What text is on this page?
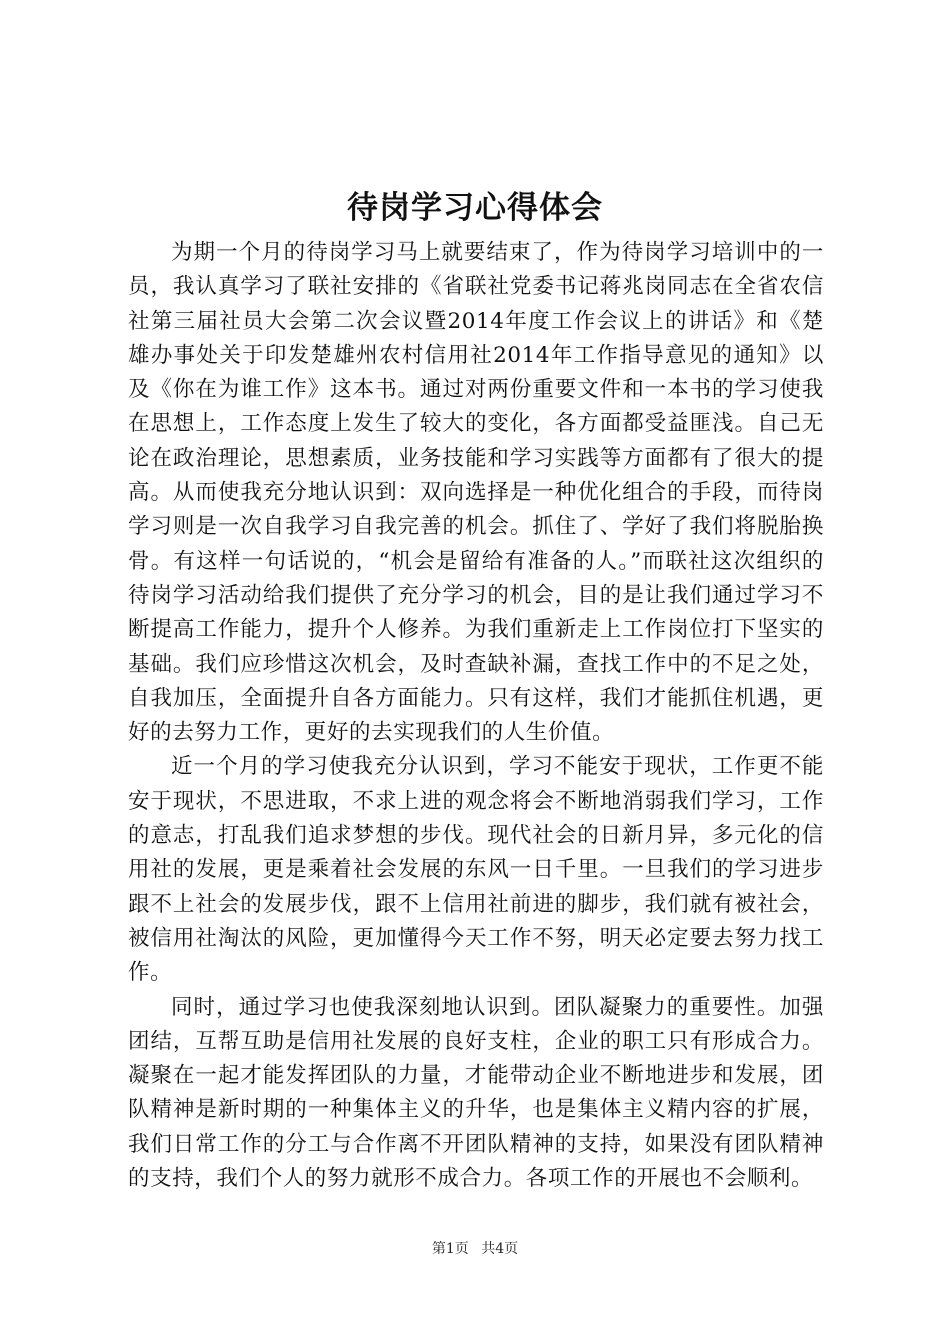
待岗学习心得体会

为期一个月的待岗学习马上就要结束了，作为待岗学习培训中的一员，我认真学习了联社安排的《省联社党委书记蒋兆岗同志在全省农信社第三届社员大会第二次会议暨2014年度工作会议上的讲话》和《楚雄办事处关于印发楚雄州农村信用社2014年工作指导意见的通知》以及《你在为谁工作》这本书。通过对两份重要文件和一本书的学习使我在思想上，工作态度上发生了较大的变化，各方面都受益匪浅。自己无论在政治理论，思想素质，业务技能和学习实践等方面都有了很大的提高。从而使我充分地认识到：双向选择是一种优化组合的手段，而待岗学习则是一次自我学习自我完善的机会。抓住了、学好了我们将脱胎换骨。有这样一句话说的，“机会是留给有准备的人。”而联社这次组织的待岗学习活动给我们提供了充分学习的机会，目的是让我们通过学习不断提高工作能力，提升个人修养。为我们重新走上工作岗位打下坚实的基础。我们应珍惜这次机会，及时查缺补漏，查找工作中的不足之处，自我加压，全面提升自各方面能力。只有这样，我们才能抓住机遇，更好的去努力工作，更好的去实现我们的人生价值。

近一个月的学习使我充分认识到，学习不能安于现状，工作更不能安于现状，不思进取，不求上进的观念将会不断地消弱我们学习，工作的意志，打乱我们追求梦想的步伐。现代社会的日新月异，多元化的信用社的发展，更是乘着社会发展的东风一日千里。一旦我们的学习进步跟不上社会的发展步伐，跟不上信用社前进的脚步，我们就有被社会，被信用社淘汰的风险，更加懂得今天工作不努，明天必定要去努力找工作。

同时，通过学习也使我深刻地认识到。团队凝聚力的重要性。加强团结，互帮互助是信用社发展的良好支柱，企业的职工只有形成合力。凝聚在一起才能发挥团队的力量，才能带动企业不断地进步和发展，团队精神是新时期的一种集体主义的升华，也是集体主义精内容的扩展，我们日常工作的分工与合作离不开团队精神的支持，如果没有团队精神的支持，我们个人的努力就形不成合力。各项工作的开展也不会顺利。

第1页 共4页
